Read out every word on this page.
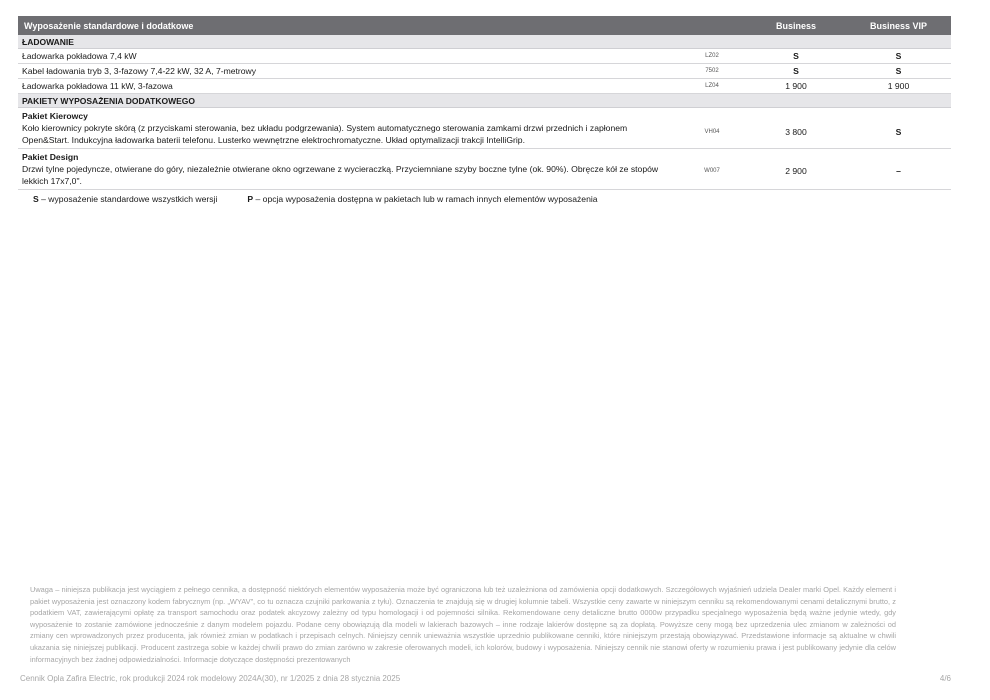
Wyposażenie standardowe i dodatkowe		Business	Business VIP
ŁADOWANIE			
Ładowarka pokładowa 7,4 kW	LZ02	S	S
Kabel ładowania tryb 3, 3-fazowy 7,4-22 kW, 32 A, 7-metrowy	7502	S	S
Ładowarka pokładowa 11 kW, 3-fazowa	LZ04	1 900	1 900
PAKIETY WYPOSAŻENIA DODATKOWEGO			

Pakiet Kierowcy
Koło kierownicy pokryte skórą (z przyciskami sterowania, bez układu podgrzewania). System automatycznego sterowania zamkami drzwi przednich i zapłonem Open&Start. Indukcyjna ładowarka baterii telefonu. Lusterko wewnętrzne elektrochromatyczne. Układ optymalizacji trakcji IntelliGrip.	VH04	3 800	S

Pakiet Design
Drzwi tylne pojedyncze, otwierane do góry, niezależnie otwierane okno ogrzewane z wycieraczką. Przyciemniane szyby boczne tylne (ok. 90%). Obręcze kół ze stopów lekkich 17x7,0".	W007	2 900	–
S – wyposażenie standardowe wszystkich wersji	P – opcja wyposażenia dostępna w pakietach lub w ramach innych elementów wyposażenia
Uwaga – niniejsza publikacja jest wyciągiem z pełnego cennika, a dostępność niektórych elementów wyposażenia może być ograniczona lub też uzależniona od zamówienia opcji dodatkowych. Szczegółowych wyjaśnień udziela Dealer marki Opel. Każdy element i pakiet wyposażenia jest oznaczony kodem fabrycznym (np. „WYAV”, co tu oznacza czujniki parkowania z tyłu). Oznaczenia te znajdują się w drugiej kolumnie tabeli. Wszystkie ceny zawarte w niniejszym cenniku są rekomendowanymi cenami detalicznymi brutto, z podatkiem VAT, zawierającymi opłatę za transport samochodu oraz podatek akcyzowy zależny od typu homologacji i od pojemności silnika. Rekomendowane ceny detaliczne brutto 0000w przypadku specjalnego wyposażenia będą ważne jedynie wtedy, gdy wyposażenie to zostanie zamówione jednocześnie z danym modelem pojazdu. Podane ceny obowiązują dla modeli w lakierach bazowych – inne rodzaje lakierów dostępne są za dopłatą. Powyższe ceny mogą bez uprzedzenia ulec zmianom w zależności od zmiany cen wprowadzonych przez producenta, jak również zmian w podatkach i przepisach celnych. Niniejszy cennik unieważnia wszystkie uprzednio publikowane cenniki, które niniejszym przestają obowiązywać. Przedstawione informacje są aktualne w chwili ukazania się niniejszej publikacji. Producent zastrzega sobie w każdej chwili prawo do zmian zarówno w zakresie oferowanych modeli, ich kolorów, budowy i wyposażenia. Niniejszy cennik nie stanowi oferty w rozumieniu prawa i jest publikowany jedynie dla celów informacyjnych bez żadnej odpowiedzialności. Informacje dotyczące dostępności prezentowanych
Cennik Opla Zafira Electric, rok produkcji 2024 rok modelowy 2024A(30), nr 1/2025 z dnia 28 stycznia 2025	4/6
